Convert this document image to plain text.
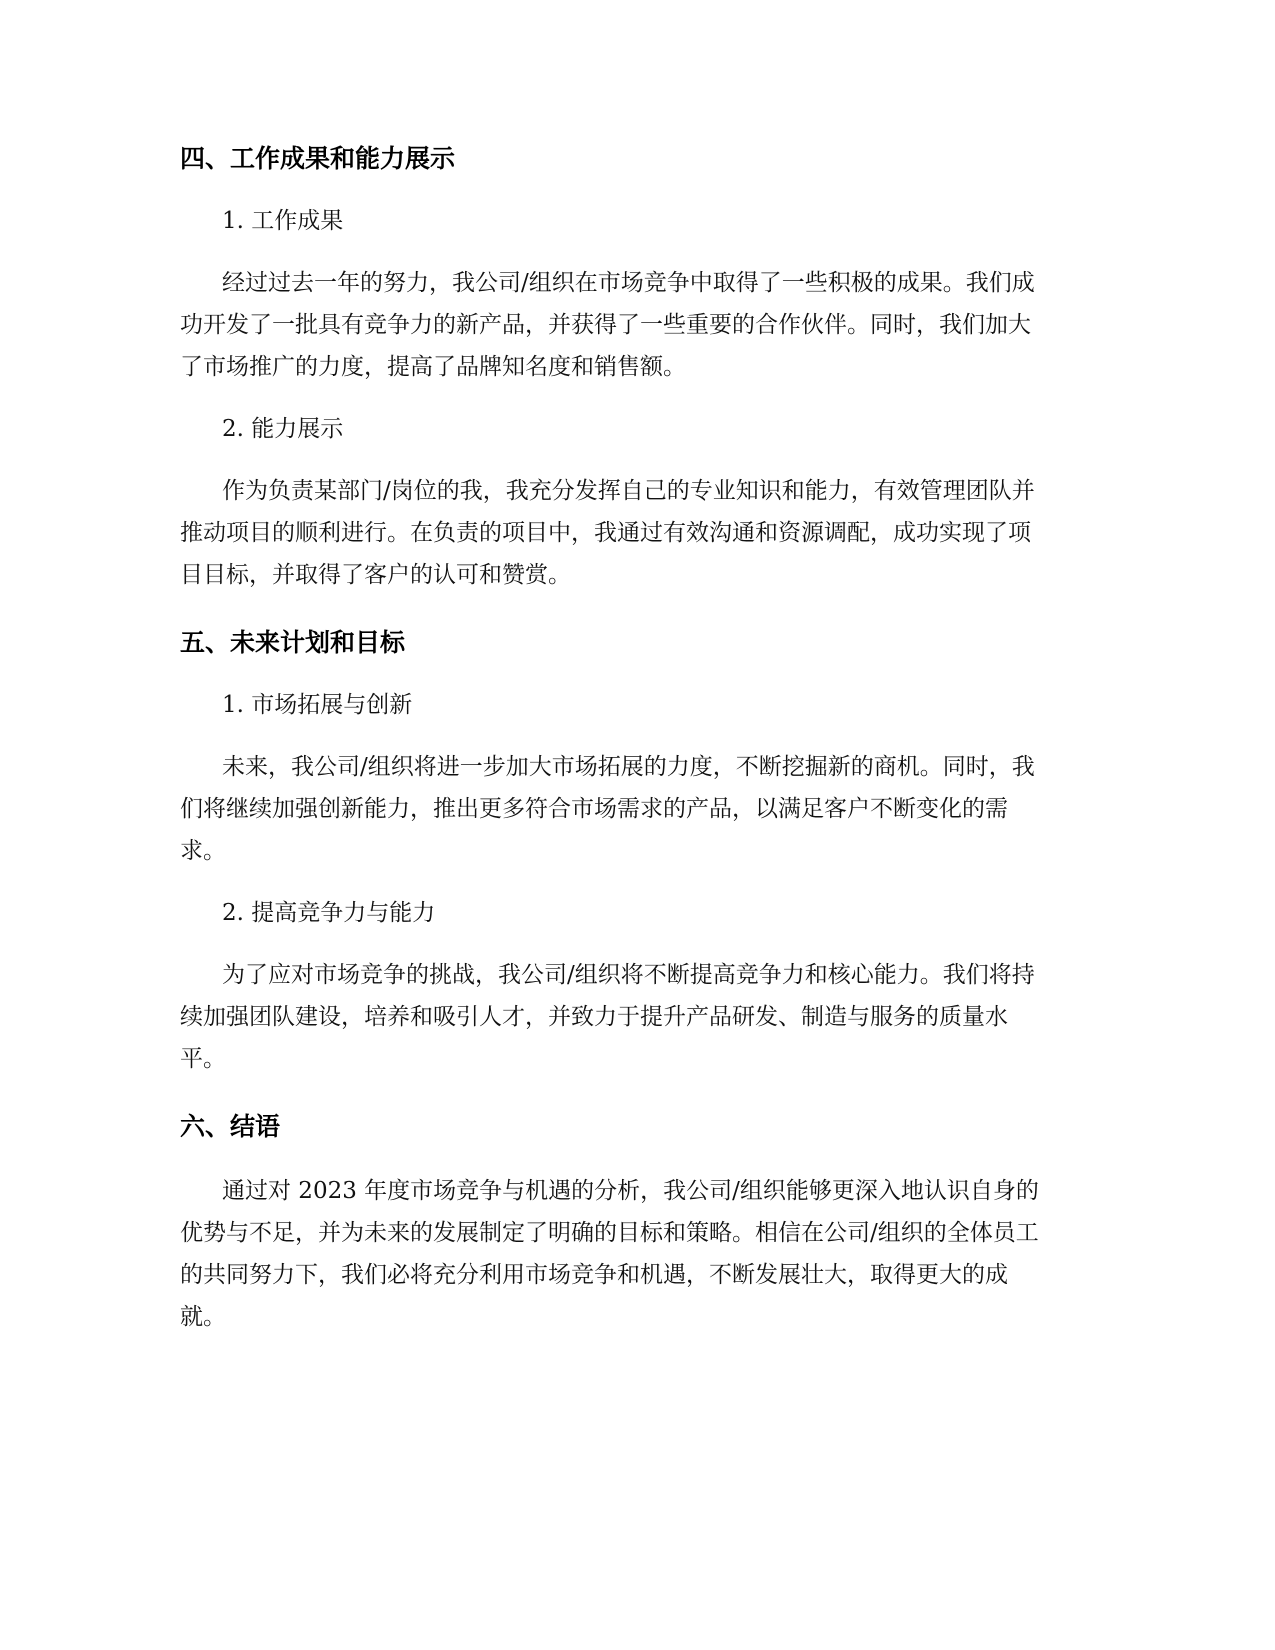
四、工作成果和能力展示

1. 工作成果

经过过去一年的努力，我公司/组织在市场竞争中取得了一些积极的成果。我们成功开发了一批具有竞争力的新产品，并获得了一些重要的合作伙伴。同时，我们加大了市场推广的力度，提高了品牌知名度和销售额。

2. 能力展示

作为负责某部门/岗位的我，我充分发挥自己的专业知识和能力，有效管理团队并推动项目的顺利进行。在负责的项目中，我通过有效沟通和资源调配，成功实现了项目目标，并取得了客户的认可和赞赏。

五、未来计划和目标

1. 市场拓展与创新

未来，我公司/组织将进一步加大市场拓展的力度，不断挖掘新的商机。同时，我们将继续加强创新能力，推出更多符合市场需求的产品，以满足客户不断变化的需求。

2. 提高竞争力与能力

为了应对市场竞争的挑战，我公司/组织将不断提高竞争力和核心能力。我们将持续加强团队建设，培养和吸引人才，并致力于提升产品研发、制造与服务的质量水平。

六、结语

通过对 2023 年度市场竞争与机遇的分析，我公司/组织能够更深入地认识自身的优势与不足，并为未来的发展制定了明确的目标和策略。相信在公司/组织的全体员工的共同努力下，我们必将充分利用市场竞争和机遇，不断发展壮大，取得更大的成就。
